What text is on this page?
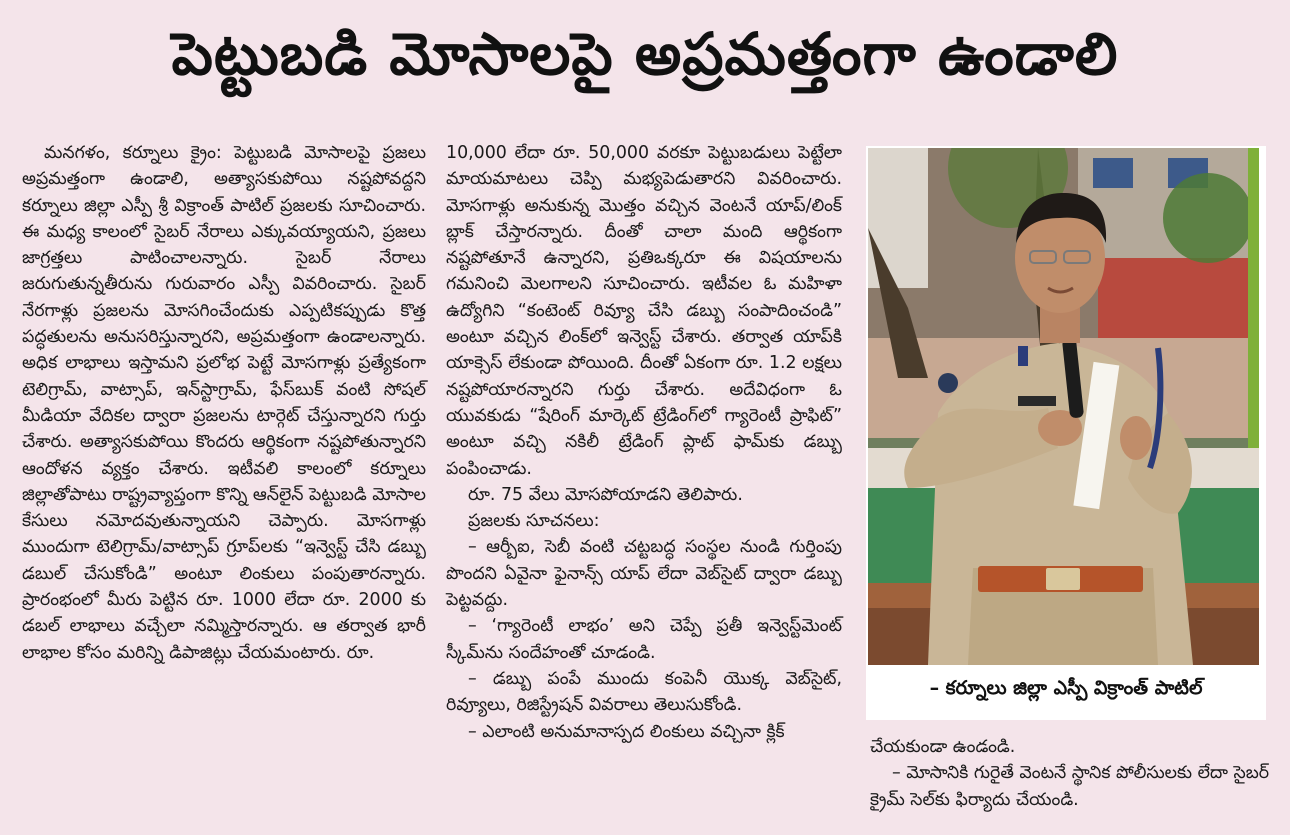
పెట్టుబడి మోసాలపై అప్రమత్తంగా ఉండాలి

మనగళం, కర్నూలు క్రైం: పెట్టుబడి మోసాలపై ప్రజలు అప్రమత్తంగా ఉండాలి, అత్యాసకుపోయి నష్టపోవద్దని కర్నూలు జిల్లా ఎస్పీ శ్రీ విక్రాంత్ పాటిల్ ప్రజలకు సూచించారు. ఈ మధ్య కాలంలో సైబర్ నేరాలు ఎక్కువయ్యాయని, ప్రజలు జాగ్రత్తలు పాటించాలన్నారు. సైబర్ నేరాలు జరుగుతున్నతీరును గురువారం ఎస్పీ వివరించారు. సైబర్ నేరగాళ్లు ప్రజలను మోసగించేందుకు ఎప్పటికప్పుడు కొత్త పద్ధతులను అనుసరిస్తున్నారని, అప్రమత్తంగా ఉండాలన్నారు. అధిక లాభాలు ఇస్తామని ప్రలోభ పెట్టే మోసగాళ్లు ప్రత్యేకంగా టెలిగ్రామ్, వాట్సాప్, ఇన్‌స్టాగ్రామ్, ఫేస్‌బుక్ వంటి సోషల్ మీడియా వేదికల ద్వారా ప్రజలను టార్గెట్ చేస్తున్నారని గుర్తు చేశారు. అత్యాసకుపోయి కొందరు ఆర్థికంగా నష్టపోతున్నారని ఆందోళన వ్యక్తం చేశారు. ఇటీవలి కాలంలో కర్నూలు జిల్లాతోపాటు రాష్ట్రవ్యాప్తంగా కొన్ని ఆన్‌లైన్ పెట్టుబడి మోసాల కేసులు నమోదవుతున్నాయని చెప్పారు. మోసగాళ్లు ముందుగా టెలిగ్రామ్/వాట్సాప్ గ్రూప్‌లకు “ఇన్వెస్ట్ చేసి డబ్బు డబుల్ చేసుకోండి” అంటూ లింకులు పంపుతారన్నారు. ప్రారంభంలో మీరు పెట్టిన రూ. 1000 లేదా రూ. 2000 కు డబల్ లాభాలు వచ్చేలా నమ్మిస్తారన్నారు. ఆ తర్వాత భారీ లాభాల కోసం మరిన్ని డిపాజిట్లు చేయమంటారు. రూ.

10,000 లేదా రూ. 50,000 వరకూ పెట్టుబడులు పెట్టేలా మాయమాటలు చెప్పి మభ్యపెడుతారని వివరించారు. మోసగాళ్లు అనుకున్న మొత్తం వచ్చిన వెంటనే యాప్/లింక్ బ్లాక్ చేస్తారన్నారు. దీంతో చాలా మంది ఆర్థికంగా నష్టపోతూనే ఉన్నారని, ప్రతిఒక్కరూ ఈ విషయాలను గమనించి మెలగాలని సూచించారు. ఇటీవల ఓ మహిళా ఉద్యోగిని “కంటెంట్ రివ్యూ చేసి డబ్బు సంపాదించండి” అంటూ వచ్చిన లింక్‌లో ఇన్వెస్ట్ చేశారు. తర్వాత యాప్‌కి యాక్సెస్ లేకుండా పోయింది. దీంతో ఏకంగా రూ. 1.2 లక్షలు నష్టపోయారన్నారని గుర్తు చేశారు. అదేవిధంగా ఓ యువకుడు “షేరింగ్ మార్కెట్ ట్రేడింగ్‌లో గ్యారెంటీ ప్రాఫిట్” అంటూ వచ్చి నకిలీ ట్రేడింగ్ ప్లాట్ ఫామ్‌కు డబ్బు పంపించాడు.

రూ. 75 వేలు మోసపోయాడని తెలిపారు.

ప్రజలకు సూచనలు:

– ఆర్బీఐ, సెబీ వంటి చట్టబద్ధ సంస్థల నుండి గుర్తింపు పొందని ఏవైనా ఫైనాన్స్ యాప్ లేదా వెబ్‌సైట్ ద్వారా డబ్బు పెట్టవద్దు.

– ‘గ్యారెంటీ లాభం’ అని చెప్పే ప్రతీ ఇన్వెస్ట్‌మెంట్ స్కీమ్‌ను సందేహంతో చూడండి.

– డబ్బు పంపే ముందు కంపెనీ యొక్క వెబ్‌సైట్, రివ్యూలు, రిజిస్ట్రేషన్ వివరాలు తెలుసుకోండి.

– ఎలాంటి అనుమానాస్పద లింకులు వచ్చినా క్లిక్

– కర్నూలు జిల్లా ఎస్పీ విక్రాంత్ పాటిల్

చేయకుండా ఉండండి.

– మోసానికి గురైతే వెంటనే స్థానిక పోలీసులకు లేదా సైబర్ క్రైమ్ సెల్‌కు ఫిర్యాదు చేయండి.
